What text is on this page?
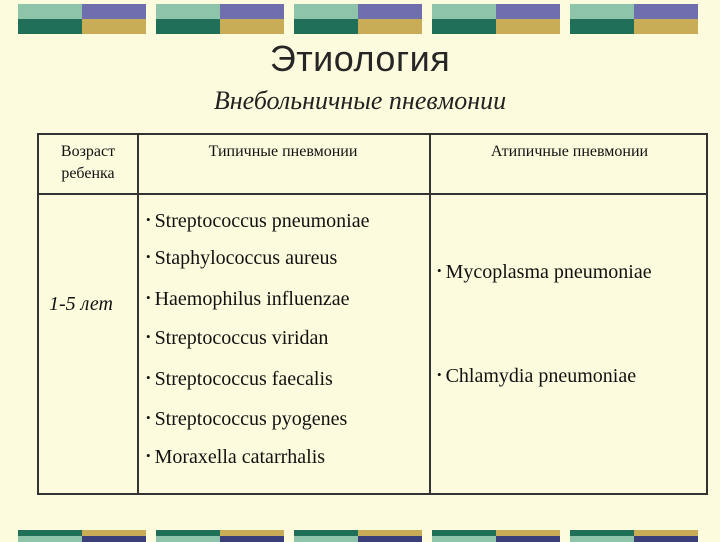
Этиология
Внебольничные пневмонии
Возраст ребенка
Типичные пневмонии	Атипичные пневмонии
1-5 лет
• Streptococcus pneumoniae
• Staphylococcus aureus
• Haemophilus influenzae
• Streptococcus viridan
• Streptococcus faecalis
• Streptococcus pyogenes
• Moraxella catarrhalis
• Mycoplasma pneumoniae
• Chlamydia pneumoniae
